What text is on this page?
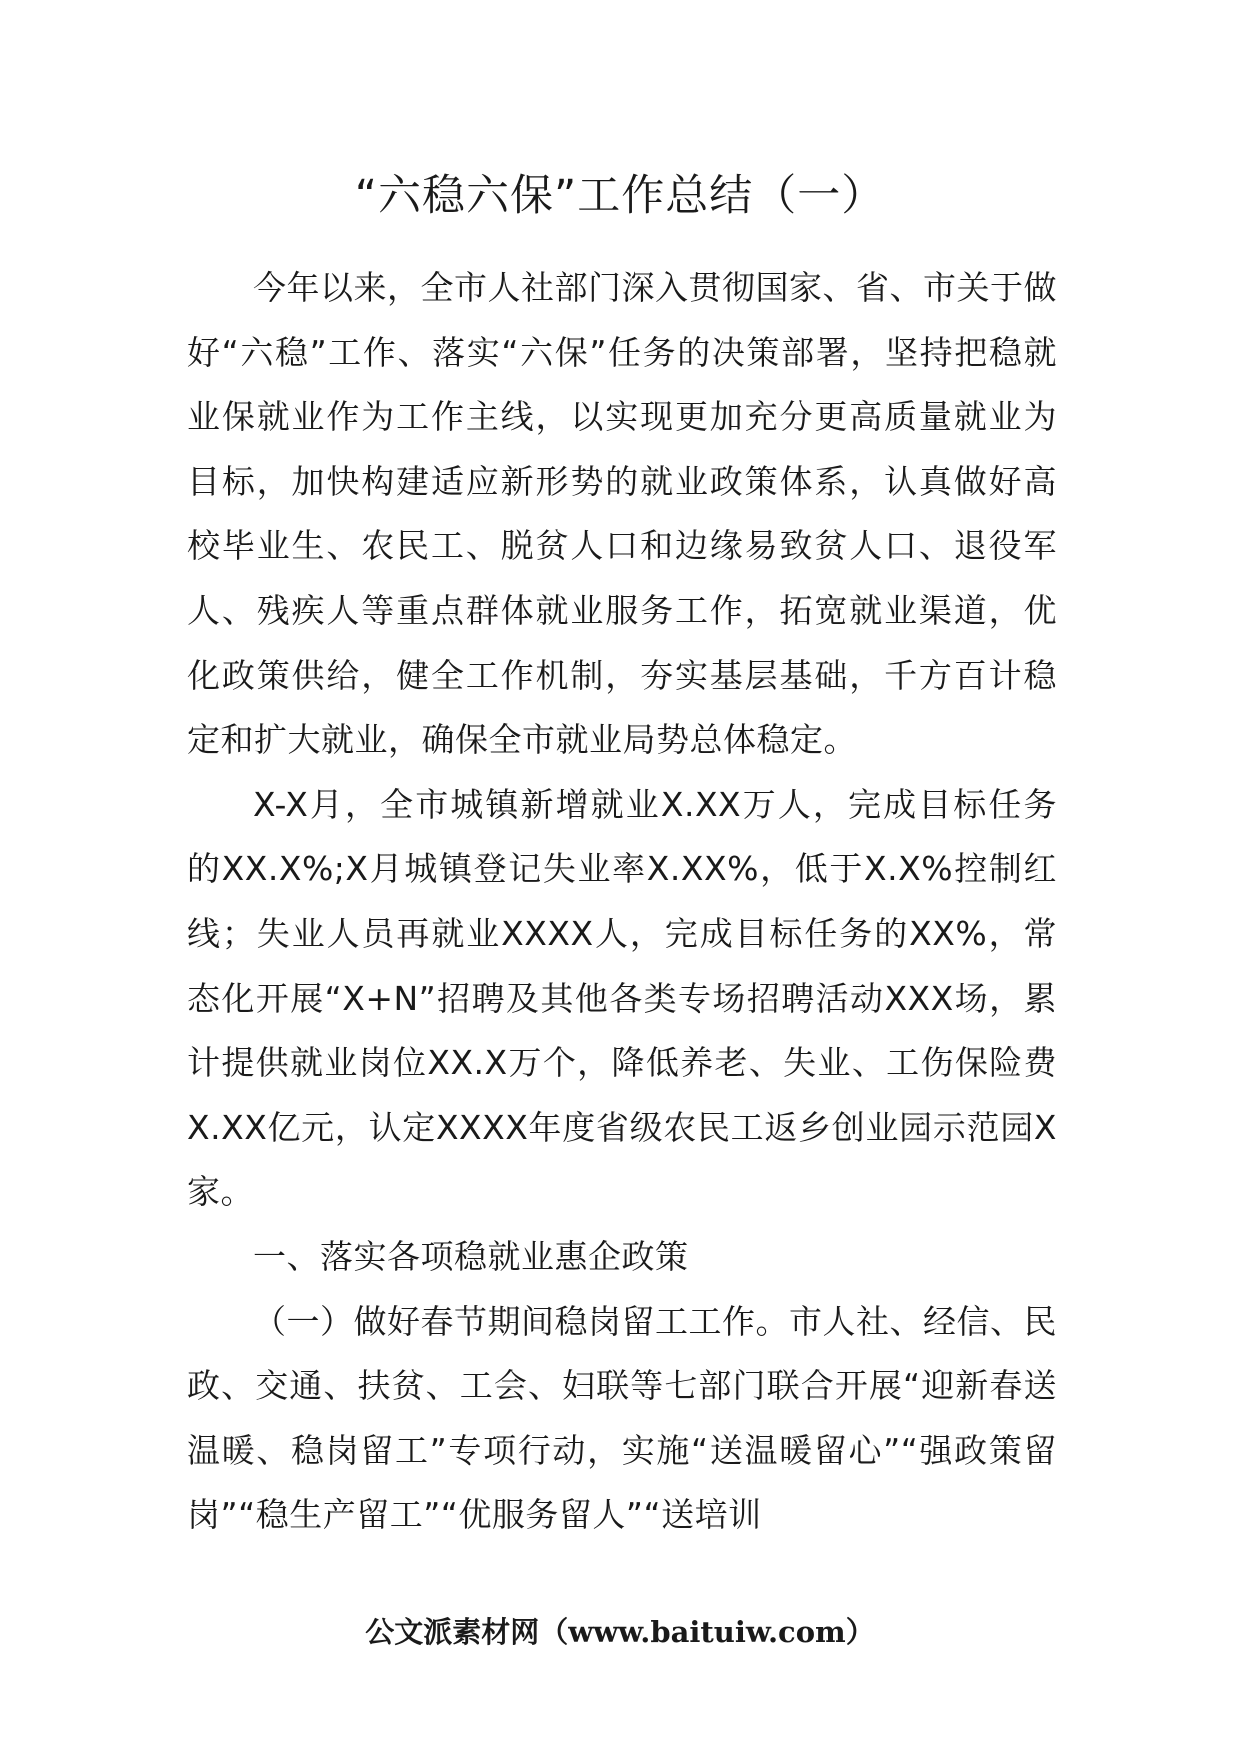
“六稳六保”工作总结（一）

今年以来，全市人社部门深入贯彻国家、省、市关于做好“六稳”工作、落实“六保”任务的决策部署，坚持把稳就业保就业作为工作主线，以实现更加充分更高质量就业为目标，加快构建适应新形势的就业政策体系，认真做好高校毕业生、农民工、脱贫人口和边缘易致贫人口、退役军人、残疾人等重点群体就业服务工作，拓宽就业渠道，优化政策供给，健全工作机制，夯实基层基础，千方百计稳定和扩大就业，确保全市就业局势总体稳定。

X-X月，全市城镇新增就业X.XX万人，完成目标任务的XX.X%;X月城镇登记失业率X.XX%，低于X.X%控制红线；失业人员再就业XXXX人，完成目标任务的XX%，常态化开展“X+N”招聘及其他各类专场招聘活动XXX场，累计提供就业岗位XX.X万个，降低养老、失业、工伤保险费X.XX亿元，认定XXXX年度省级农民工返乡创业园示范园X家。

一、落实各项稳就业惠企政策

（一）做好春节期间稳岗留工工作。市人社、经信、民政、交通、扶贫、工会、妇联等七部门联合开展“迎新春送温暖、稳岗留工”专项行动，实施“送温暖留心”“强政策留岗”“稳生产留工”“优服务留人”“送培训

公文派素材网（www.baituiw.com）
